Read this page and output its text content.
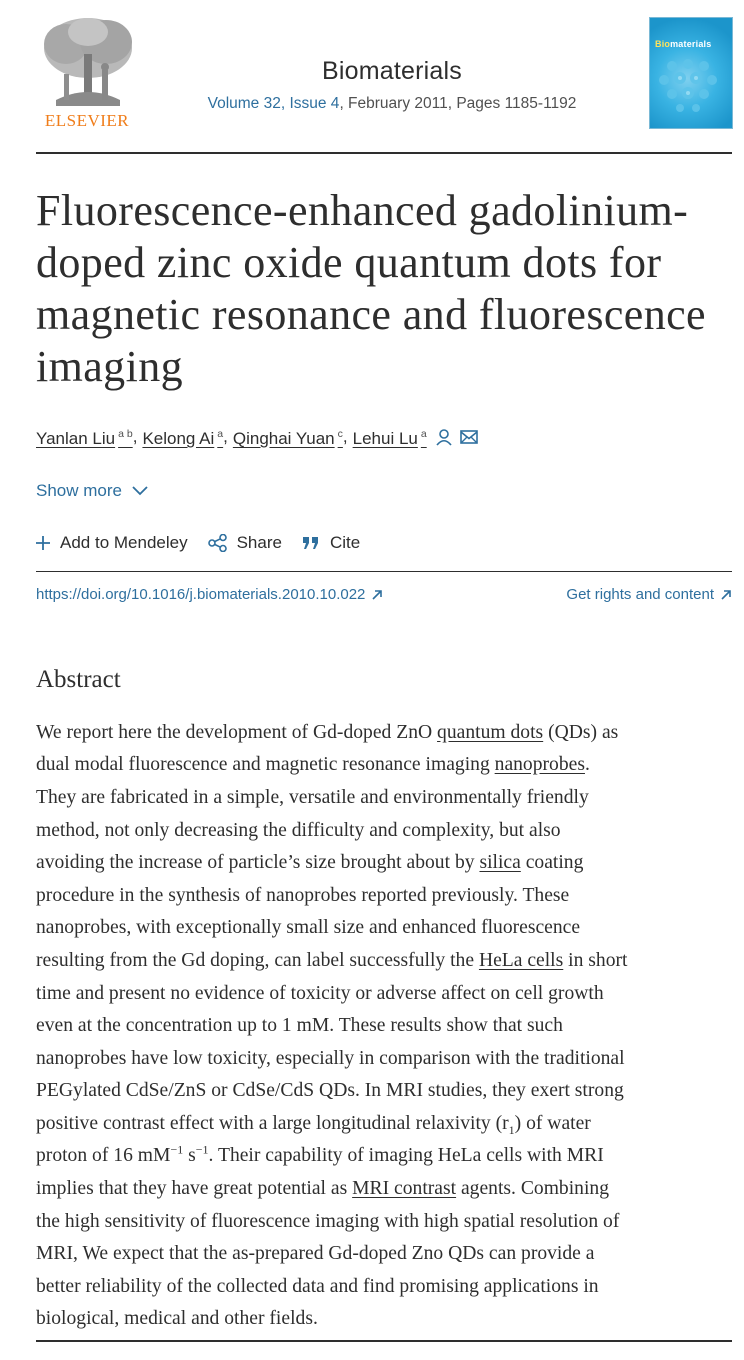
ELSEVIER
Biomaterials
Volume 32, Issue 4, February 2011, Pages 1185-1192
Biomaterials
Fluorescence-enhanced gadolinium-
doped zinc oxide quantum dots for
magnetic resonance and fluorescence
imaging
Yanlan Liu $^{a b}$ , Kelong Ai $^a$ , Qinghai Yuan $^c$ , Lehui Lu $^a$
Show more
Add to Mendeley	Share	Cite
https://doi.org/10.1016/j.biomaterials.2010.10.022	Get rights and content
Abstract
We report here the development of Gd-doped ZnO quantum dots (QDs) as
dual modal fluorescence and magnetic resonance imaging nanoprobes.
They are fabricated in a simple, versatile and environmentally friendly
method, not only decreasing the difficulty and complexity, but also
avoiding the increase of particle’s size brought about by silica coating
procedure in the synthesis of nanoprobes reported previously. These
nanoprobes, with exceptionally small size and enhanced fluorescence
resulting from the Gd doping, can label successfully the HeLa cells in short
time and present no evidence of toxicity or adverse affect on cell growth
even at the concentration up to 1 mM. These results show that such
nanoprobes have low toxicity, especially in comparison with the traditional
PEGylated CdSe/ZnS or CdSe/CdS QDs. In MRI studies, they exert strong
positive contrast effect with a large longitudinal relaxivity $(r_1)$ of water
proton of 16 $mM^{-1}$ $s^{-1}$. Their capability of imaging HeLa cells with MRI
implies that they have great potential as MRI contrast agents. Combining
the high sensitivity of fluorescence imaging with high spatial resolution of
MRI, We expect that the as-prepared Gd-doped Zno QDs can provide a
better reliability of the collected data and find promising applications in
biological, medical and other fields.
